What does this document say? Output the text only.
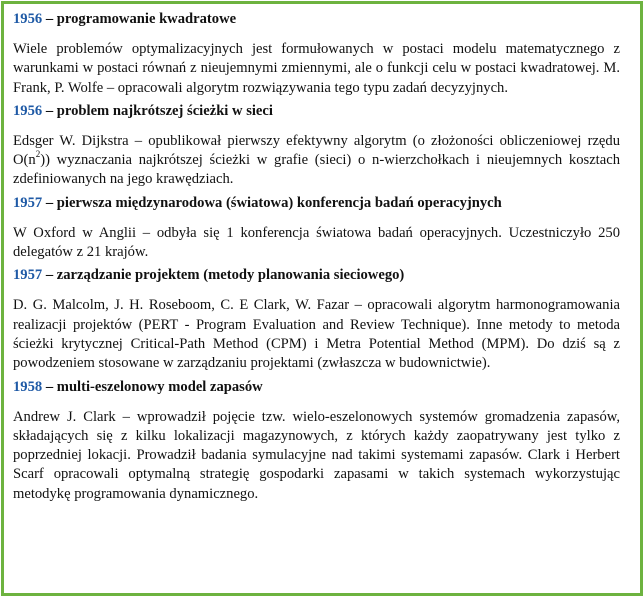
1956 – programowanie kwadratowe
Wiele problemów optymalizacyjnych jest formułowanych w postaci modelu matematycznego z warunkami w postaci równań z nieujemnymi zmiennymi, ale o funkcji celu w postaci kwadratowej. M. Frank, P. Wolfe – opracowali algorytm rozwiązywania tego typu zadań decyzyjnych.
1956 – problem najkrótszej ścieżki w sieci
Edsger W. Dijkstra – opublikował pierwszy efektywny algorytm (o złożoności obliczeniowej rzędu $O(n^2)$) wyznaczania najkrótszej ścieżki w grafie (sieci) o n-wierzchołkach i nieujemnych kosztach zdefiniowanych na jego krawędziach.
1957 – pierwsza międzynarodowa (światowa) konferencja badań operacyjnych
W Oxford w Anglii – odbyła się 1 konferencja światowa badań operacyjnych. Uczestniczyło 250 delegatów z 21 krajów.
1957 – zarządzanie projektem (metody planowania sieciowego)
D. G. Malcolm, J. H. Roseboom, C. E Clark, W. Fazar – opracowali algorytm harmonogramowania realizacji projektów (PERT - Program Evaluation and Review Technique). Inne metody to metoda ścieżki krytycznej Critical-Path Method (CPM) i Metra Potential Method (MPM). Do dziś są z powodzeniem stosowane w zarządzaniu projektami (zwłaszcza w budownictwie).
1958 – multi-eszelonowy model zapasów
Andrew J. Clark – wprowadził pojęcie tzw. wielo-eszelonowych systemów gromadzenia zapasów, składających się z kilku lokalizacji magazynowych, z których każdy zaopatrywany jest tylko z poprzedniej lokacji. Prowadził badania symulacyjne nad takimi systemami zapasów. Clark i Herbert Scarf opracowali optymalną strategię gospodarki zapasami w takich systemach wykorzystując metodykę programowania dynamicznego.
